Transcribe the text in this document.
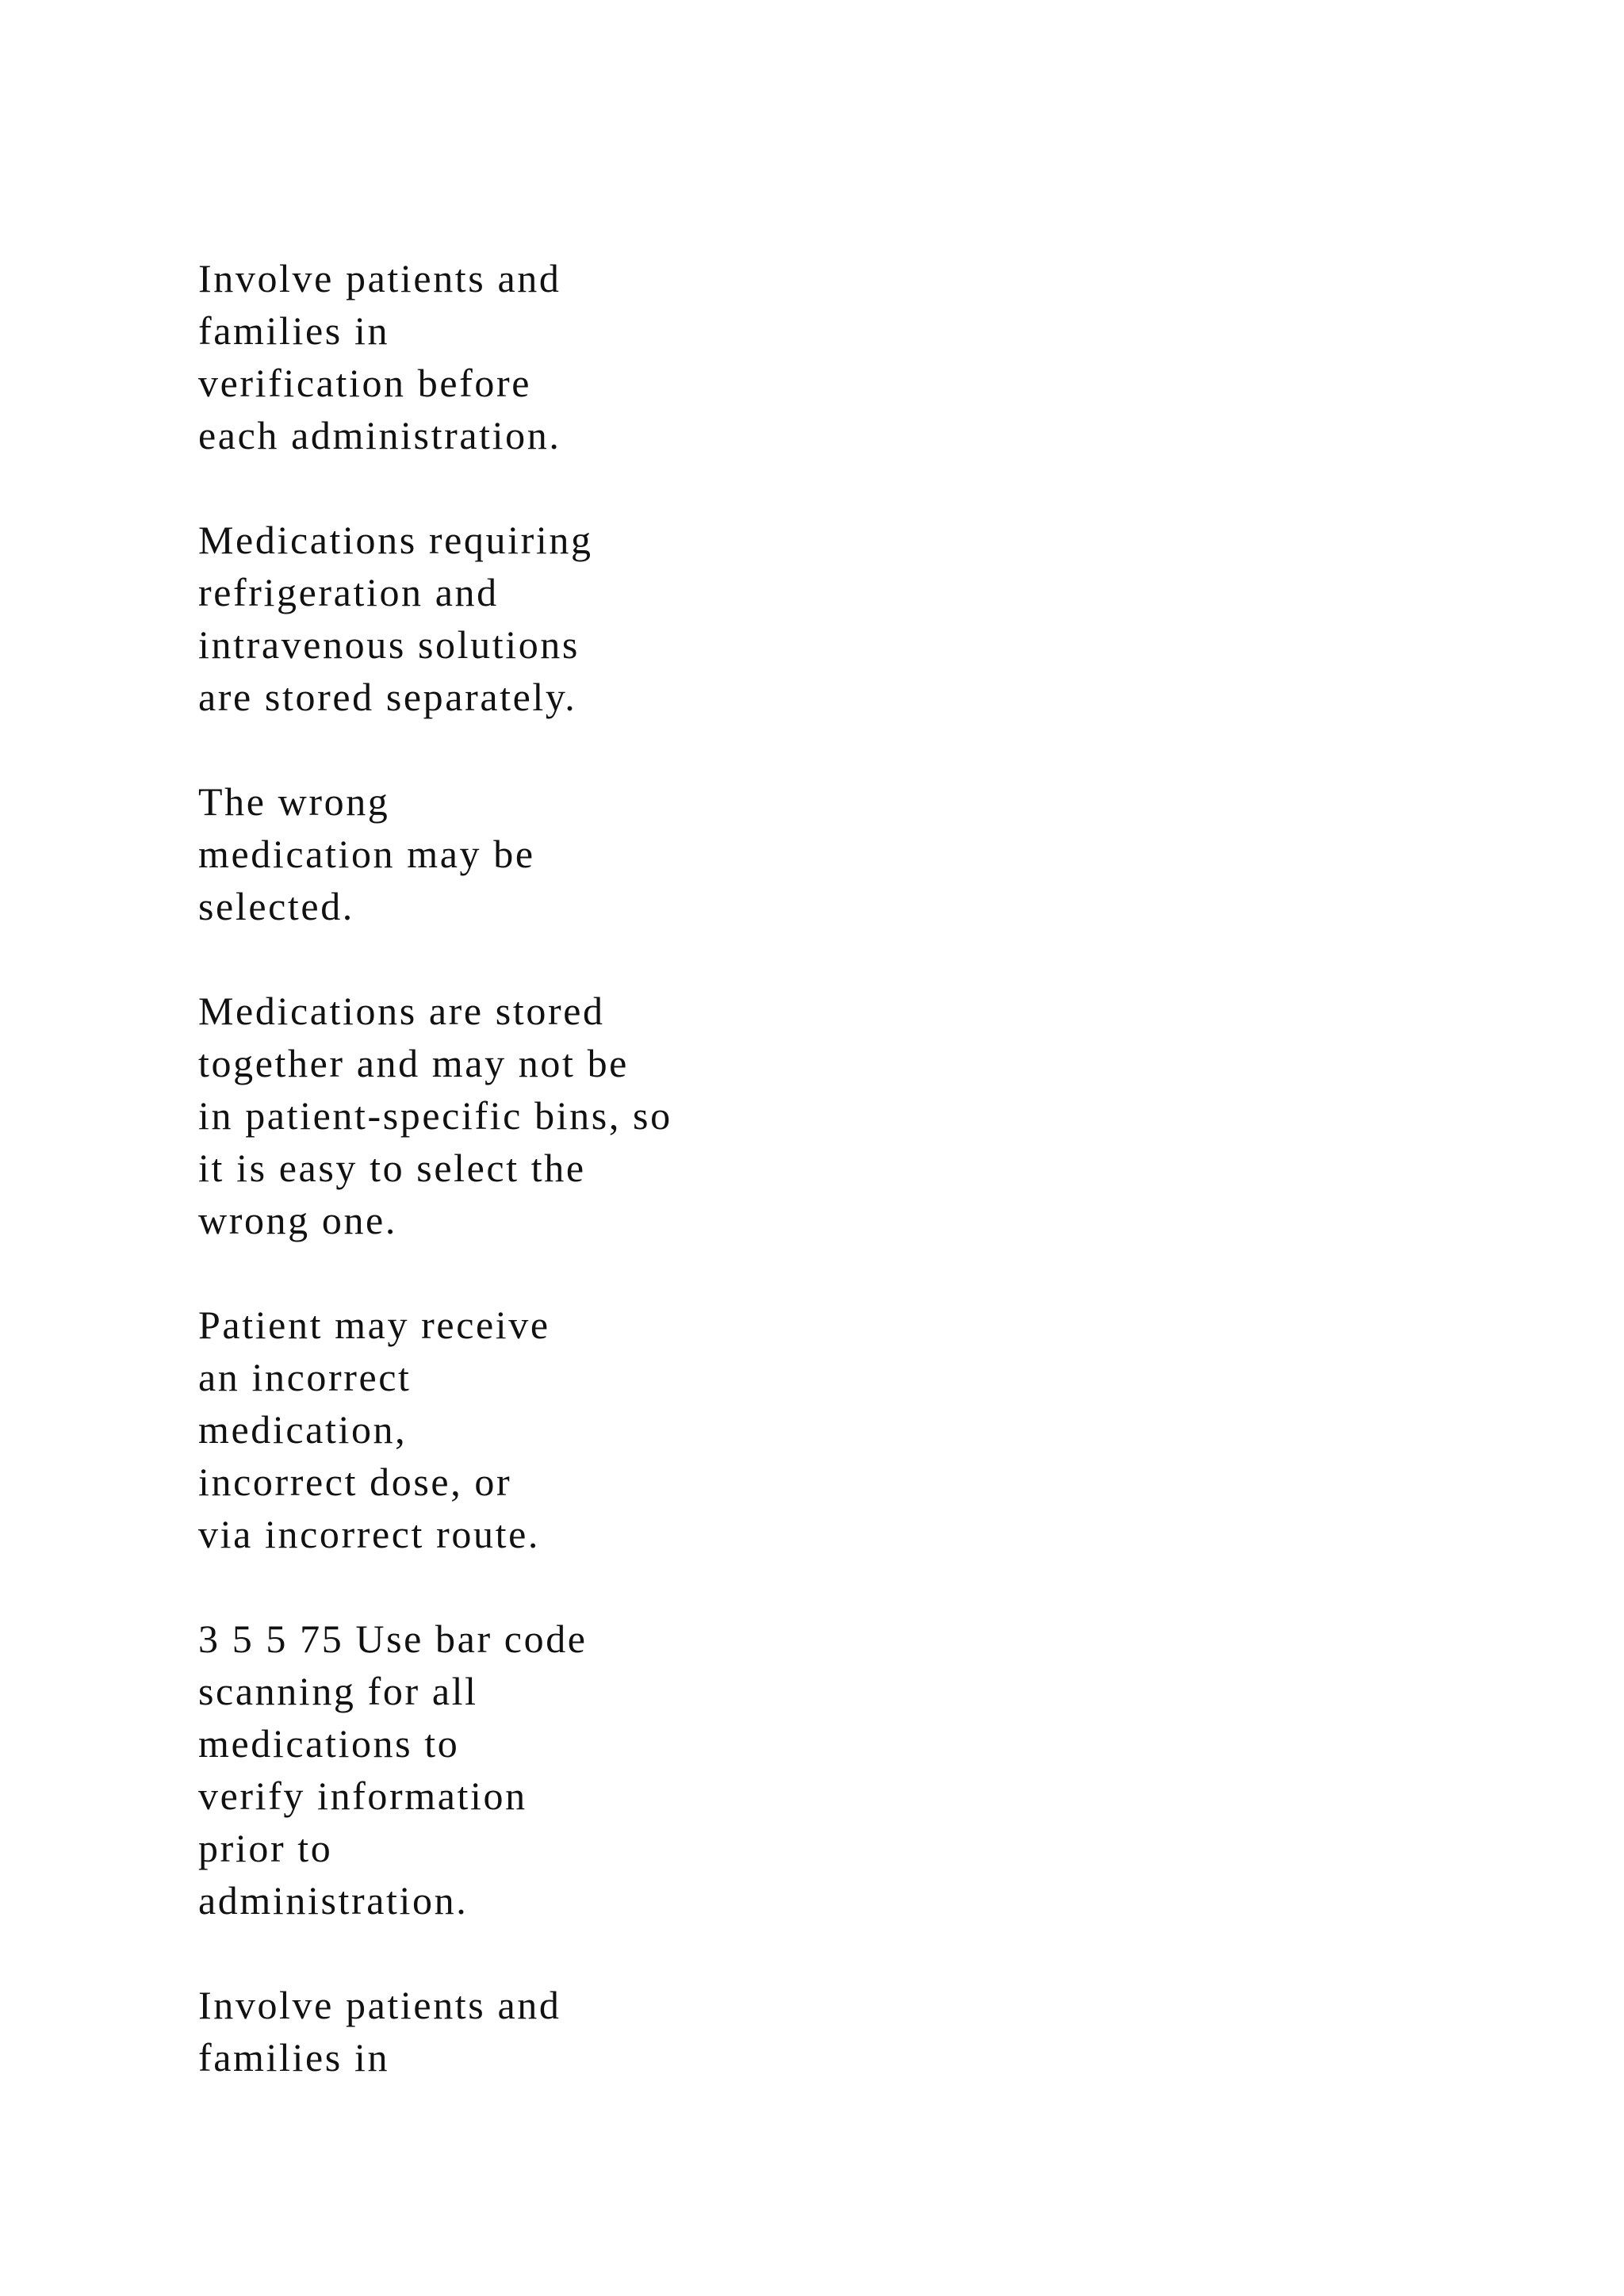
Involve patients and
families in
verification before
each administration.
Medications requiring
refrigeration and
intravenous solutions
are stored separately.
The wrong
medication may be
selected.
Medications are stored
together and may not be
in patient-specific bins, so
it is easy to select the
wrong one.
Patient may receive
an incorrect
medication,
incorrect dose, or
via incorrect route.
3 5 5 75 Use bar code
scanning for all
medications to
verify information
prior to
administration.
Involve patients and
families in
